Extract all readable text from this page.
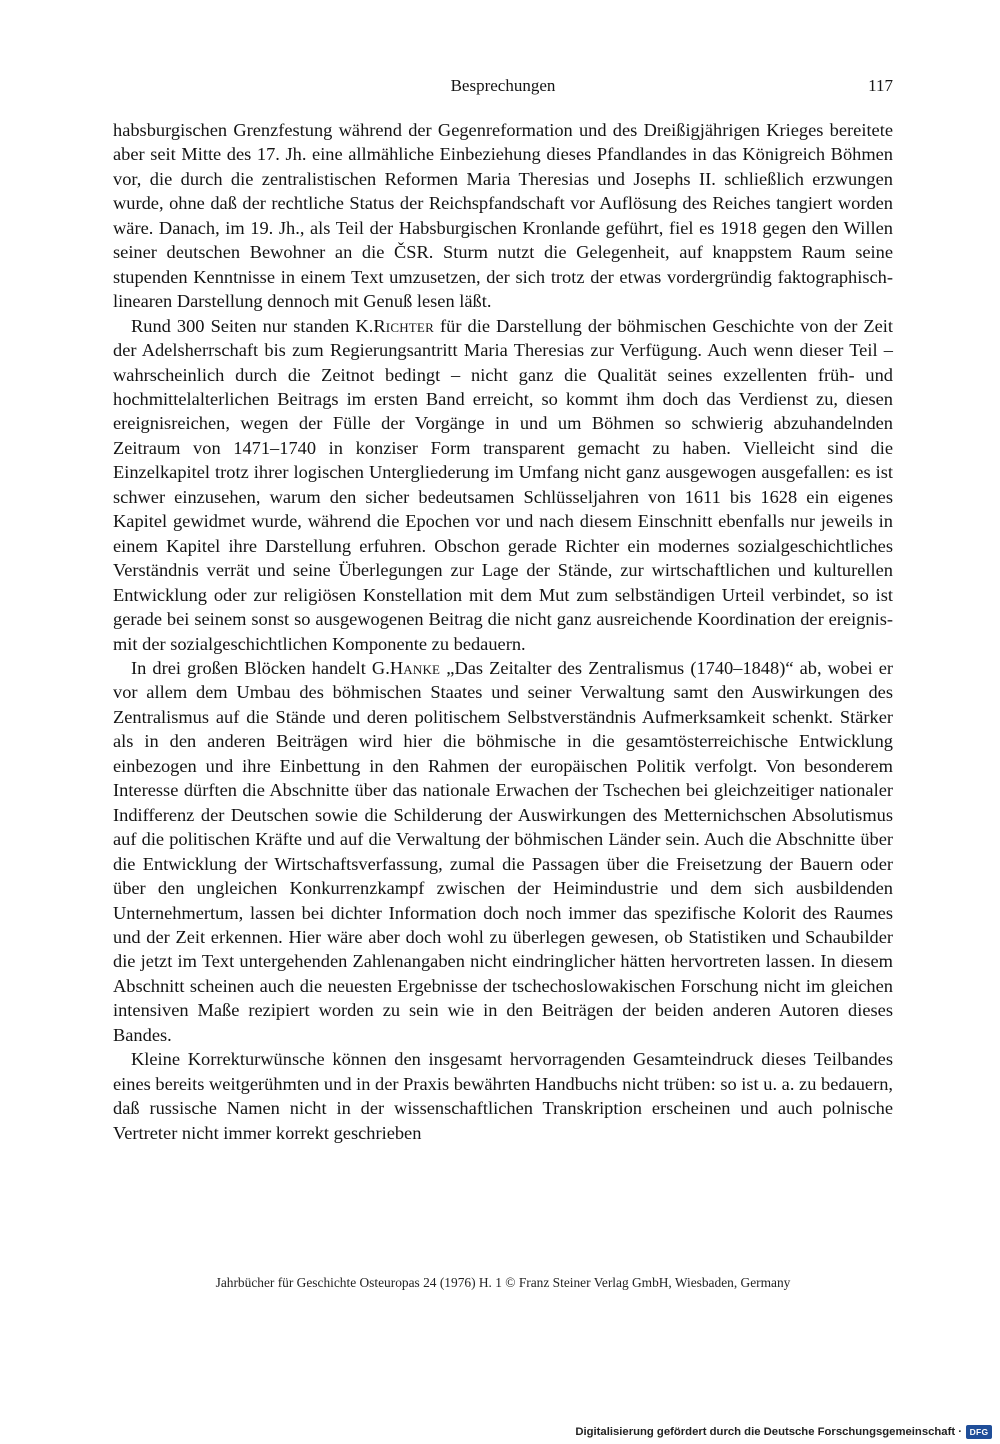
Besprechungen	117

habsburgischen Grenzfestung während der Gegenreformation und des Dreißigjährigen Krieges bereitete aber seit Mitte des 17. Jh. eine allmähliche Einbeziehung dieses Pfandlandes in das Königreich Böhmen vor, die durch die zentralistischen Reformen Maria Theresias und Josephs II. schließlich erzwungen wurde, ohne daß der rechtliche Status der Reichspfandschaft vor Auflösung des Reiches tangiert worden wäre. Danach, im 19. Jh., als Teil der Habsburgischen Kronlande geführt, fiel es 1918 gegen den Willen seiner deutschen Bewohner an die ČSR. Sturm nutzt die Gelegenheit, auf knappstem Raum seine stupenden Kenntnisse in einem Text umzusetzen, der sich trotz der etwas vordergründig faktographisch-linearen Darstellung dennoch mit Genuß lesen läßt.

Rund 300 Seiten nur standen K.Richter für die Darstellung der böhmischen Geschichte von der Zeit der Adelsherrschaft bis zum Regierungsantritt Maria Theresias zur Verfügung. Auch wenn dieser Teil – wahrscheinlich durch die Zeitnot bedingt – nicht ganz die Qualität seines exzellenten früh- und hochmittelalterlichen Beitrags im ersten Band erreicht, so kommt ihm doch das Verdienst zu, diesen ereignisreichen, wegen der Fülle der Vorgänge in und um Böhmen so schwierig abzuhandelnden Zeitraum von 1471–1740 in konziser Form transparent gemacht zu haben. Vielleicht sind die Einzelkapitel trotz ihrer logischen Untergliederung im Umfang nicht ganz ausgewogen ausgefallen: es ist schwer einzusehen, warum den sicher bedeutsamen Schlüsseljahren von 1611 bis 1628 ein eigenes Kapitel gewidmet wurde, während die Epochen vor und nach diesem Einschnitt ebenfalls nur jeweils in einem Kapitel ihre Darstellung erfuhren. Obschon gerade Richter ein modernes sozialgeschichtliches Verständnis verrät und seine Überlegungen zur Lage der Stände, zur wirtschaftlichen und kulturellen Entwicklung oder zur religiösen Konstellation mit dem Mut zum selbständigen Urteil verbindet, so ist gerade bei seinem sonst so ausgewogenen Beitrag die nicht ganz ausreichende Koordination der ereignis- mit der sozialgeschichtlichen Komponente zu bedauern.

In drei großen Blöcken handelt G.Hanke „Das Zeitalter des Zentralismus (1740–1848)“ ab, wobei er vor allem dem Umbau des böhmischen Staates und seiner Verwaltung samt den Auswirkungen des Zentralismus auf die Stände und deren politischem Selbstverständnis Aufmerksamkeit schenkt. Stärker als in den anderen Beiträgen wird hier die böhmische in die gesamtösterreichische Entwicklung einbezogen und ihre Einbettung in den Rahmen der europäischen Politik verfolgt. Von besonderem Interesse dürften die Abschnitte über das nationale Erwachen der Tschechen bei gleichzeitiger nationaler Indifferenz der Deutschen sowie die Schilderung der Auswirkungen des Metternichschen Absolutismus auf die politischen Kräfte und auf die Verwaltung der böhmischen Länder sein. Auch die Abschnitte über die Entwicklung der Wirtschaftsverfassung, zumal die Passagen über die Freisetzung der Bauern oder über den ungleichen Konkurrenzkampf zwischen der Heimindustrie und dem sich ausbildenden Unternehmertum, lassen bei dichter Information doch noch immer das spezifische Kolorit des Raumes und der Zeit erkennen. Hier wäre aber doch wohl zu überlegen gewesen, ob Statistiken und Schaubilder die jetzt im Text untergehenden Zahlenangaben nicht eindringlicher hätten hervortreten lassen. In diesem Abschnitt scheinen auch die neuesten Ergebnisse der tschechoslowakischen Forschung nicht im gleichen intensiven Maße rezipiert worden zu sein wie in den Beiträgen der beiden anderen Autoren dieses Bandes.

Kleine Korrekturwünsche können den insgesamt hervorragenden Gesamteindruck dieses Teilbandes eines bereits weitgerühmten und in der Praxis bewährten Handbuchs nicht trüben: so ist u. a. zu bedauern, daß russische Namen nicht in der wissenschaftlichen Transkription erscheinen und auch polnische Vertreter nicht immer korrekt geschrieben

Jahrbücher für Geschichte Osteuropas 24 (1976) H. 1 © Franz Steiner Verlag GmbH, Wiesbaden, Germany
Digitalisierung gefördert durch die Deutsche Forschungsgemeinschaft · DFG
